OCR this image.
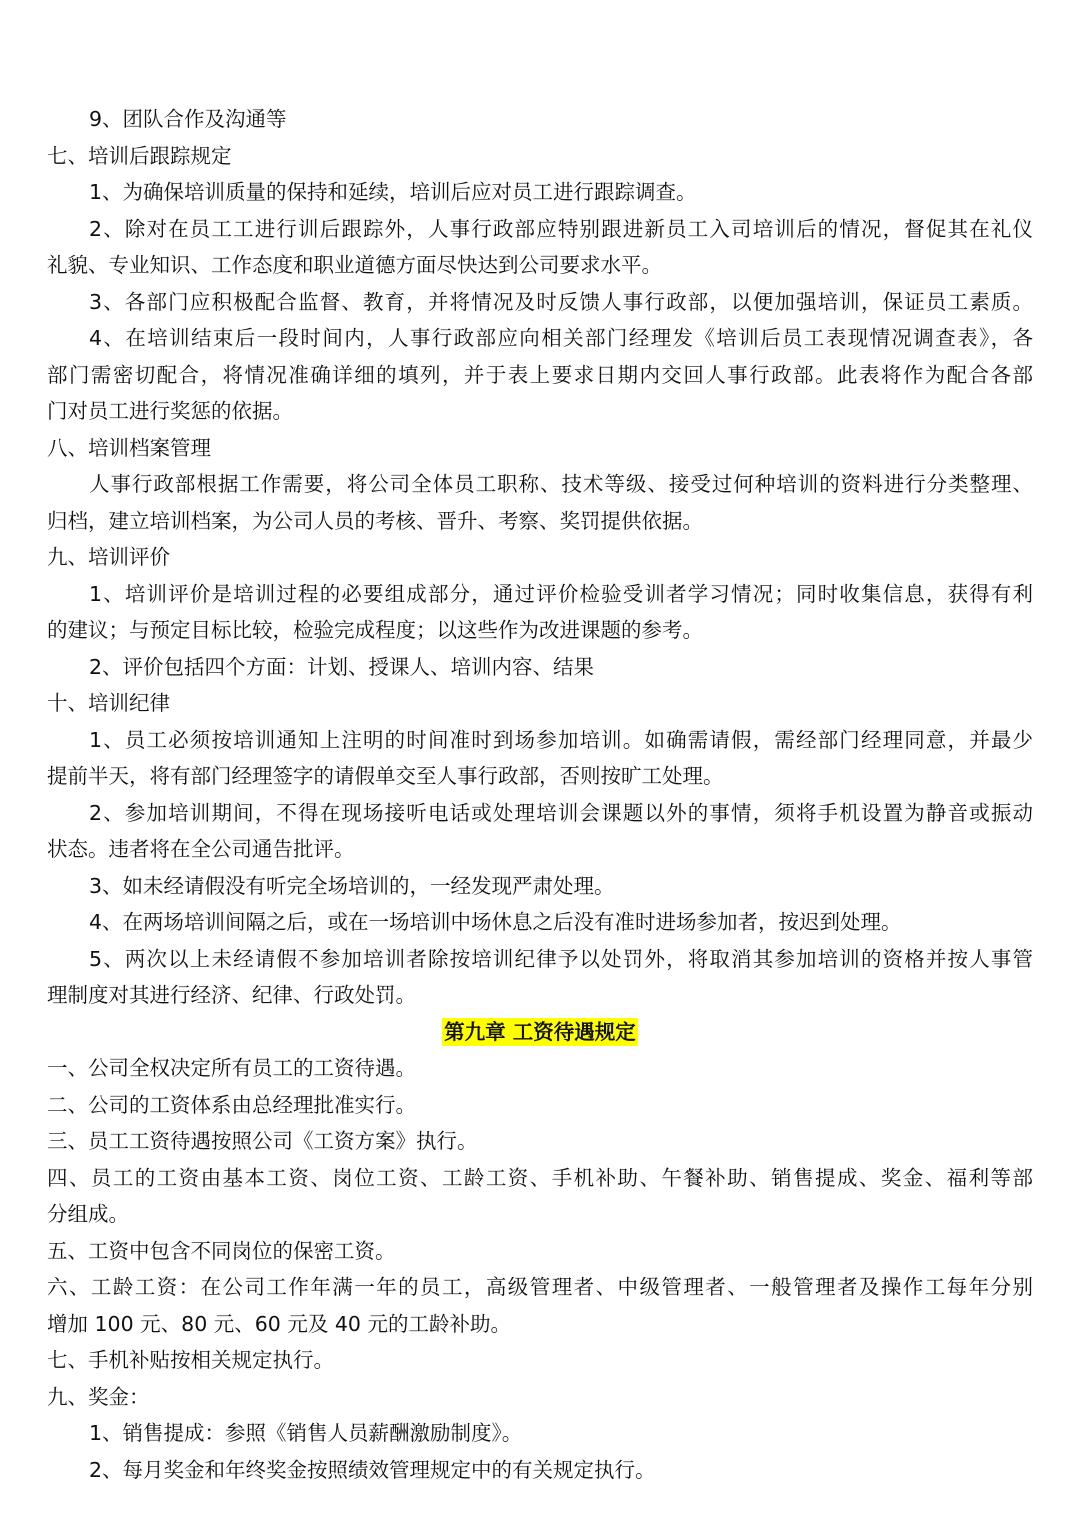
9、团队合作及沟通等
七、培训后跟踪规定
1、为确保培训质量的保持和延续，培训后应对员工进行跟踪调查。
2、除对在员工工进行训后跟踪外，人事行政部应特别跟进新员工入司培训后的情况，督促其在礼仪
礼貌、专业知识、工作态度和职业道德方面尽快达到公司要求水平。
3、各部门应积极配合监督、教育，并将情况及时反馈人事行政部，以便加强培训，保证员工素质。
4、在培训结束后一段时间内，人事行政部应向相关部门经理发《培训后员工表现情况调查表》，各
部门需密切配合，将情况准确详细的填列，并于表上要求日期内交回人事行政部。此表将作为配合各部
门对员工进行奖惩的依据。
八、培训档案管理
人事行政部根据工作需要，将公司全体员工职称、技术等级、接受过何种培训的资料进行分类整理、
归档，建立培训档案，为公司人员的考核、晋升、考察、奖罚提供依据。
九、培训评价
1、培训评价是培训过程的必要组成部分，通过评价检验受训者学习情况；同时收集信息，获得有利
的建议；与预定目标比较，检验完成程度；以这些作为改进课题的参考。
2、评价包括四个方面：计划、授课人、培训内容、结果
十、培训纪律
1、员工必须按培训通知上注明的时间准时到场参加培训。如确需请假，需经部门经理同意，并最少
提前半天，将有部门经理签字的请假单交至人事行政部，否则按旷工处理。
2、参加培训期间，不得在现场接听电话或处理培训会课题以外的事情，须将手机设置为静音或振动
状态。违者将在全公司通告批评。
3、如未经请假没有听完全场培训的，一经发现严肃处理。
4、在两场培训间隔之后，或在一场培训中场休息之后没有准时进场参加者，按迟到处理。
5、两次以上未经请假不参加培训者除按培训纪律予以处罚外，将取消其参加培训的资格并按人事管
理制度对其进行经济、纪律、行政处罚。
第九章 工资待遇规定
一、公司全权决定所有员工的工资待遇。
二、公司的工资体系由总经理批准实行。
三、员工工资待遇按照公司《工资方案》执行。
四、员工的工资由基本工资、岗位工资、工龄工资、手机补助、午餐补助、销售提成、奖金、福利等部
分组成。
五、工资中包含不同岗位的保密工资。
六、工龄工资：在公司工作年满一年的员工，高级管理者、中级管理者、一般管理者及操作工每年分别
增加 100 元、80 元、60 元及 40 元的工龄补助。
七、手机补贴按相关规定执行。
九、奖金：
1、销售提成：参照《销售人员薪酬激励制度》。
2、每月奖金和年终奖金按照绩效管理规定中的有关规定执行。
